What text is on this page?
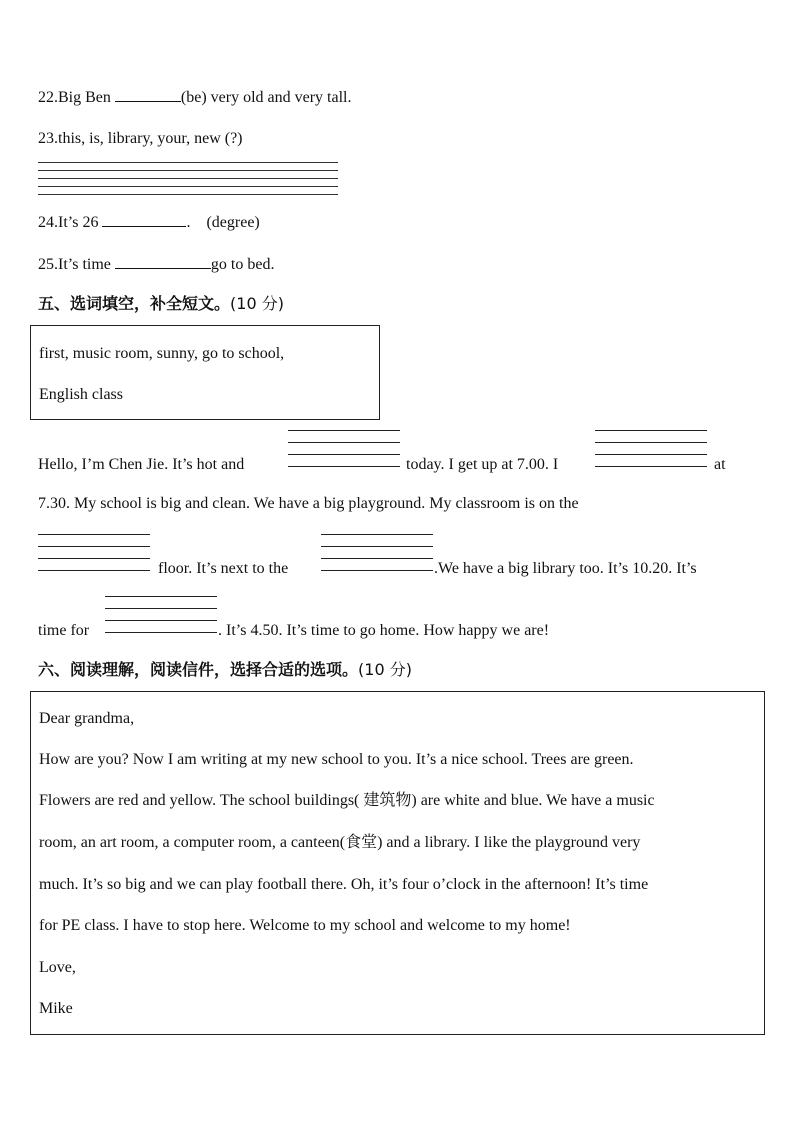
22.Big Ben	(be) very old and very tall.
23.this, is, library, your, new (?)
24.It’s 26	. (degree)
25.It’s time	go to bed.
五、选词填空，补全短文。(10 分)
first, music room, sunny, go to school,
English class
Hello, I’m Chen Jie. It’s hot and	today. I get up at 7.00. I	at
7.30. My school is big and clean. We have a big playground. My classroom is on the
floor. It’s next to the	.We have a big library too. It’s 10.20. It’s
time for	. It’s 4.50. It’s time to go home. How happy we are!
六、阅读理解，阅读信件，选择合适的选项。(10 分)
Dear grandma,
How are you? Now I am writing at my new school to you. It’s a nice school. Trees are green.
Flowers are red and yellow. The school buildings( 建筑物) are white and blue. We have a music
room, an art room, a computer room, a canteen(食堂) and a library. I like the playground very
much. It’s so big and we can play football there. Oh, it’s four o’clock in the afternoon! It’s time
for PE class. I have to stop here. Welcome to my school and welcome to my home!
Love,
Mike
